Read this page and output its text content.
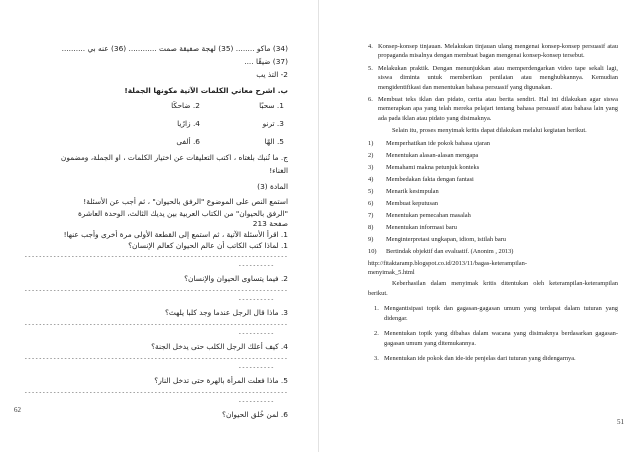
(34) ماكو ........ (35) لهجة صفيقة صمت ............ (36) عنه بي ..........
(37) ضيقًا ....
2- التذ يب
ب. اشرح معاني الكلمات الآتية مكونها الجملة!
1. سحبًا
2. ضاحكًا
3. ترنو
4. زارًيا
5. الهًا
6. ألفى
ج. ما تُنبك بلغتاه ، اكتب التعليقات عن اختيار الكلمات ، او الجملة، ومضمون
الغناء!
المادة (3)
استمع النص على الموضوع "الرفق بالحيوان" ، ثم أجب عن الأسئلة!
"الرفق بالحيوان" من الكتاب العربية بين يديك الثالث، الوحدة العاشرة
صفحة 213
1. اقرأ الأسئلة الآتية ، ثم استمع إلى القطعة الأولى مرة أخرى وأجب عنها!
1. لماذا كتب الكاتب أن عالم الحيوان كعالم الإنسان؟
-----
-----
2. فيما يتساوى الحيوان والإنسان؟
-----
-----
3. ماذا قال الرجل عندما وجد كلبا يلهث؟
-----
-----
4. كيف أعلك الرجل الكلب حتى يدخل الجنة؟
-----
-----
5. ماذا فعلت المرأة بالهرة حتى تدخل النار؟
-----
-----
6. لمن خُلق الحيوان؟
62
4. Konsep-konsep tinjauan. Melakukan tinjauan ulang mengenai konsep-konsep persuasif atau propaganda misalnya dengan membuat bagan mengenai konsep-konsep tersebut.
5. Melakukan praktik. Dengan menunjukkan atau memperdengarkan video tape sekali lagi, siswa diminta untuk memberikan penilaian atau menghubkannya. Kemudian mengidentifikasi dan menentukan bahasa persuasif yang digunakan.
6. Membuat teks iklan dan pidato, cerita atau berita sendiri. Hal ini dilakukan agar siswa memerapkan apa yang telah mereka pelajari tentang bahasa persuasif atau bahasa lain yang ada pada iklan atau pidato yang disimaknya.
Selain itu, proses menyimak kritis dapat dilakukan melalui kegiatan berikut.
1)	Memperhatikan ide pokok bahasa ujaran
2)	Menentukan alasan-alasan mengapa
3)	Memahami makna petunjuk konteks
4)	Membedakan fakta dengan fantasi
5)	Menarik kesimpulan
6)	Membuat keputusan
7)	Menentukan pemecahan masalah
8)	Menentukan informasi baru
9)	Menginterpretasi ungkapan, idiom, istilah baru
10)	Bertindak objektif dan evaluatif. (Anonim , 2013)
http://fitaktaramp.blogspot.co.id/2013/11/bagas-keterampilan-
menyimak_5.html
Keberhasilan dalam menyimak kritis ditentukan oleh keterampilan-keterampilan berikut.
1. Mengantisipasi topik dan gagasan-gagasan umum yang terdapat dalam tuturan yang didengar.
2. Menentukan topik yang dibahas dalam wacana yang disimaknya berdasarkan gagasan-gagasan umum yang ditemukannya.
3. Menentukan ide pokok dan ide-ide penjelas dari tuturan yang didengarnya.
51
